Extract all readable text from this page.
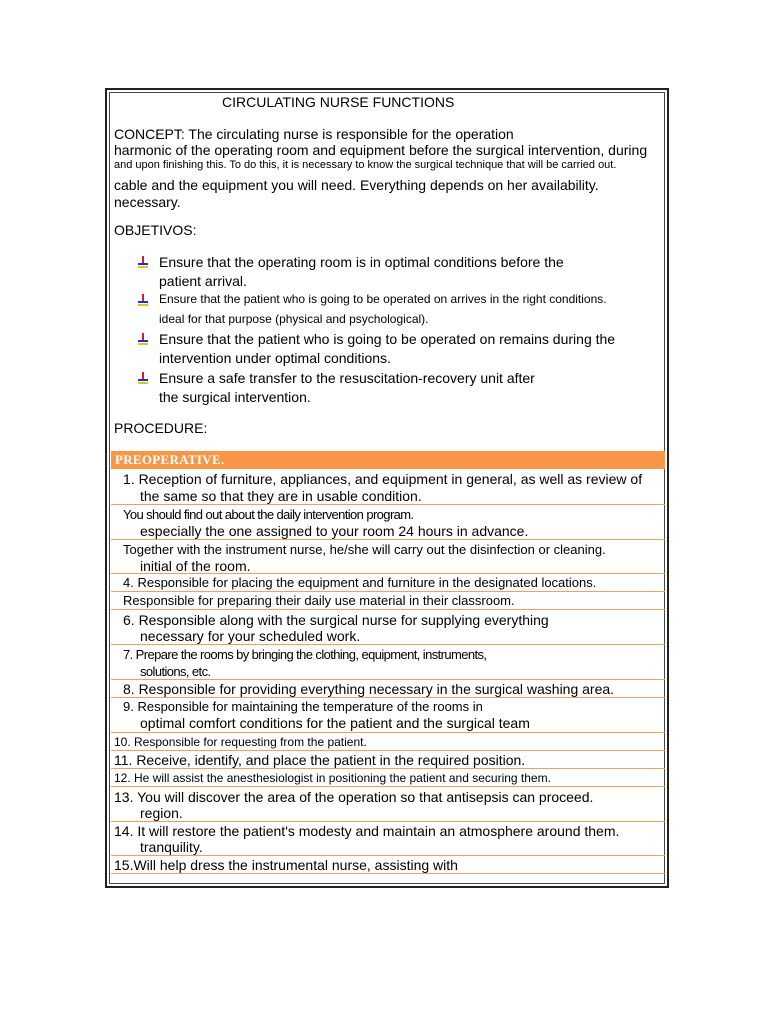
CIRCULATING NURSE FUNCTIONS
CONCEPT: The circulating nurse is responsible for the operation
harmonic of the operating room and equipment before the surgical intervention, during
and upon finishing this. To do this, it is necessary to know the surgical technique that will be carried out.
cable and the equipment you will need. Everything depends on her availability.
necessary.
OBJETIVOS:
Ensure that the operating room is in optimal conditions before the
patient arrival.
Ensure that the patient who is going to be operated on arrives in the right conditions.
ideal for that purpose (physical and psychological).
Ensure that the patient who is going to be operated on remains during the
intervention under optimal conditions.
Ensure a safe transfer to the resuscitation-recovery unit after
the surgical intervention.
PROCEDURE:
PREOPERATIVE.
1. Reception of furniture, appliances, and equipment in general, as well as review of
the same so that they are in usable condition.
You should find out about the daily intervention program.
especially the one assigned to your room 24 hours in advance.
Together with the instrument nurse, he/she will carry out the disinfection or cleaning.
initial of the room.
4. Responsible for placing the equipment and furniture in the designated locations.
Responsible for preparing their daily use material in their classroom.
6. Responsible along with the surgical nurse for supplying everything
necessary for your scheduled work.
7. Prepare the rooms by bringing the clothing, equipment, instruments,
solutions, etc.
8. Responsible for providing everything necessary in the surgical washing area.
9. Responsible for maintaining the temperature of the rooms in
optimal comfort conditions for the patient and the surgical team
10. Responsible for requesting from the patient.
11. Receive, identify, and place the patient in the required position.
12. He will assist the anesthesiologist in positioning the patient and securing them.
13. You will discover the area of the operation so that antisepsis can proceed.
region.
14. It will restore the patient's modesty and maintain an atmosphere around them.
tranquility.
15.Will help dress the instrumental nurse, assisting with
